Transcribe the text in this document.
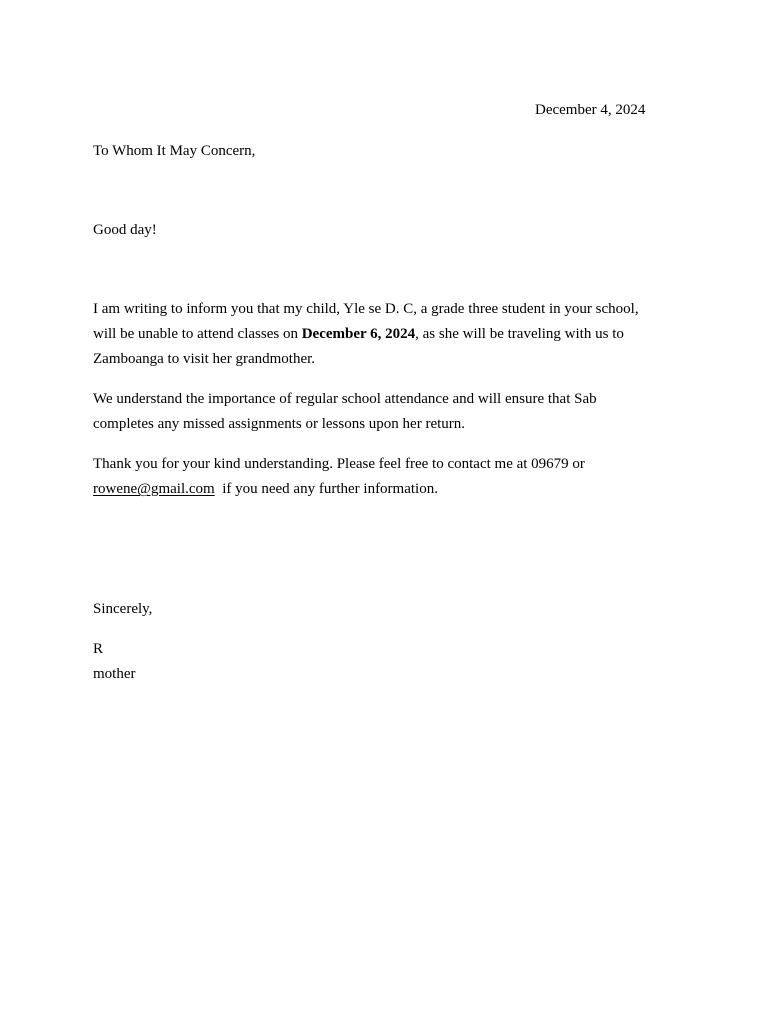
December 4, 2024

To Whom It May Concern,

Good day!

I am writing to inform you that my child, Yle se D. C, a grade three student in your school,
will be unable to attend classes on December 6, 2024, as she will be traveling with us to
Zamboanga to visit her grandmother.
We understand the importance of regular school attendance and will ensure that Sab
completes any missed assignments or lessons upon her return.
Thank you for your kind understanding. Please feel free to contact me at 09679 or
rowene@gmail.com  if you need any further information.

Sincerely,

R

mother
